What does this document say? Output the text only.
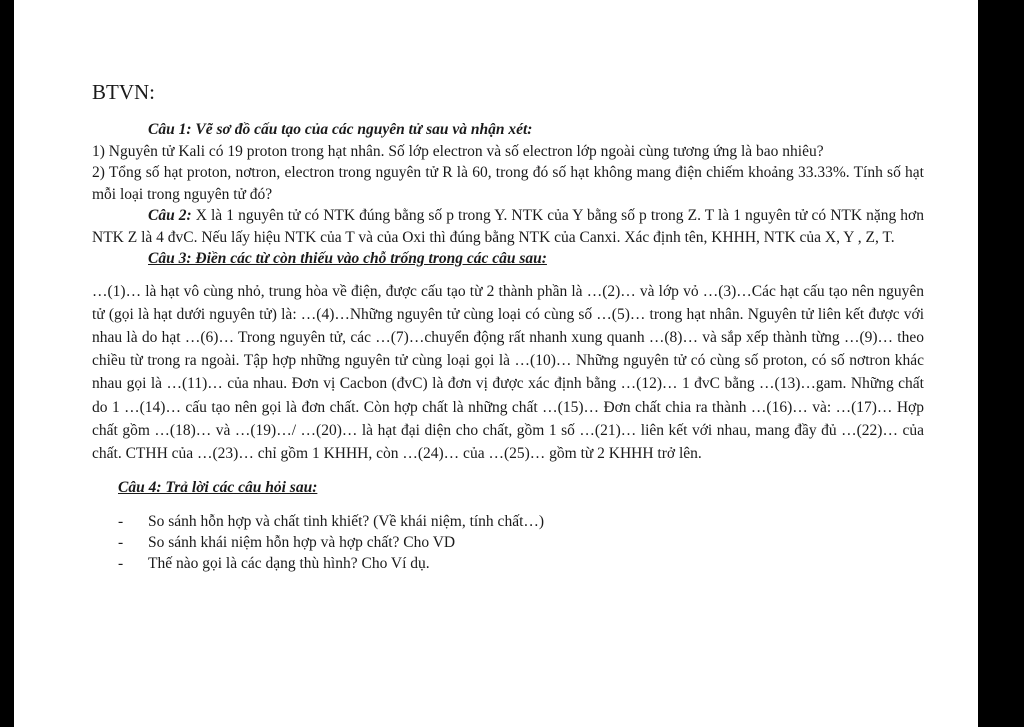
BTVN:

Câu 1: Vẽ sơ đồ cấu tạo của các nguyên tử sau và nhận xét:

1) Nguyên tử Kali có 19 proton trong hạt nhân. Số lớp electron và số electron lớp ngoài cùng tương ứng là bao nhiêu?

2) Tổng số hạt proton, nơtron, electron trong nguyên tử R là 60, trong đó số hạt không mang điện chiếm khoảng 33.33%. Tính số hạt mỗi loại trong nguyên tử đó?

Câu 2: X là 1 nguyên tử có NTK đúng bằng số p trong Y. NTK của Y bằng số p trong Z. T là 1 nguyên tử có NTK nặng hơn NTK Z là 4 đvC. Nếu lấy hiệu NTK của T và của Oxi thì đúng bằng NTK của Canxi. Xác định tên, KHHH, NTK của X, Y , Z, T.

Câu 3: Điền các từ còn thiếu vào chỗ trống trong các câu sau:

…(1)… là hạt vô cùng nhỏ, trung hòa về điện, được cấu tạo từ 2 thành phần là …(2)… và lớp vỏ …(3)…Các hạt cấu tạo nên nguyên tử (gọi là hạt dưới nguyên tử) là: …(4)…Những nguyên tử cùng loại có cùng số …(5)… trong hạt nhân. Nguyên tử liên kết được với nhau là do hạt …(6)… Trong nguyên tử, các …(7)…chuyển động rất nhanh xung quanh …(8)… và sắp xếp thành từng …(9)… theo chiều từ trong ra ngoài. Tập hợp những nguyên tử cùng loại gọi là …(10)… Những nguyên tử có cùng số proton, có số nơtron khác nhau gọi là …(11)… của nhau. Đơn vị Cacbon (đvC) là đơn vị được xác định bằng …(12)… 1 đvC bằng …(13)…gam. Những chất do 1 …(14)… cấu tạo nên gọi là đơn chất. Còn hợp chất là những chất …(15)… Đơn chất chia ra thành …(16)… và: …(17)… Hợp chất gồm …(18)… và …(19)…/ …(20)… là hạt đại diện cho chất, gồm 1 số …(21)… liên kết với nhau, mang đầy đủ …(22)… của chất. CTHH của …(23)… chỉ gồm 1 KHHH, còn …(24)… của …(25)… gồm từ 2 KHHH trở lên.

Câu 4: Trả lời các câu hỏi sau:
- So sánh hỗn hợp và chất tinh khiết? (Về khái niệm, tính chất…)
- So sánh khái niệm hỗn hợp và hợp chất? Cho VD
- Thế nào gọi là các dạng thù hình? Cho Ví dụ.
